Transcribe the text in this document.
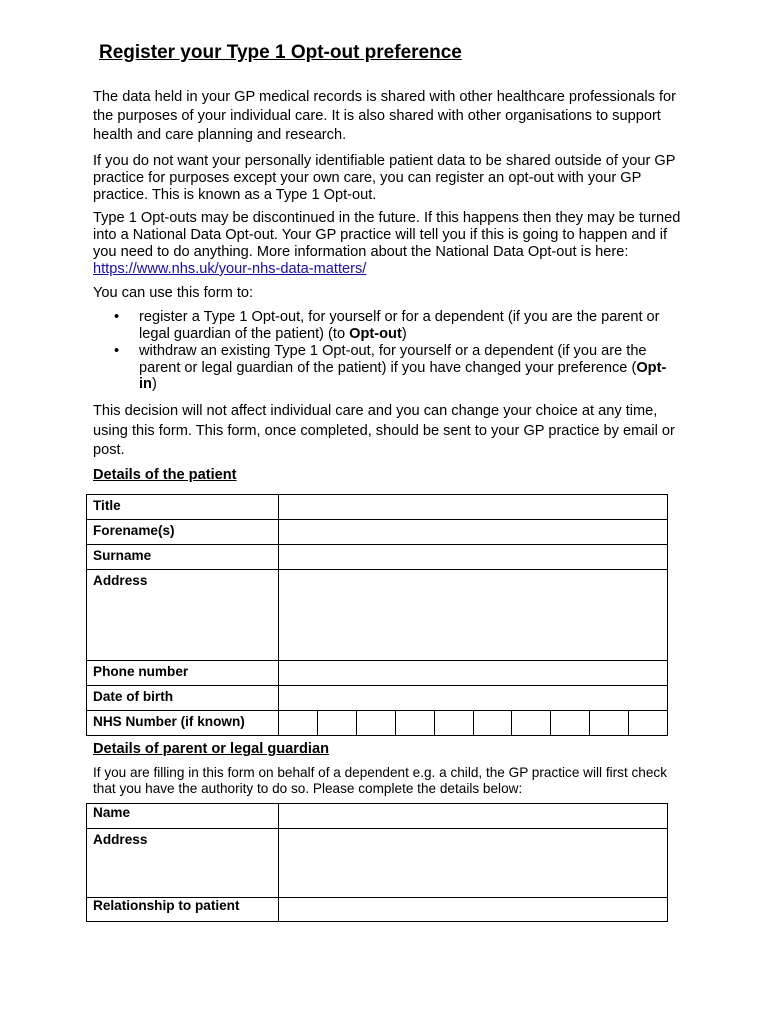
Register your Type 1 Opt-out preference

The data held in your GP medical records is shared with other healthcare professionals for the purposes of your individual care. It is also shared with other organisations to support health and care planning and research.

If you do not want your personally identifiable patient data to be shared outside of your GP practice for purposes except your own care, you can register an opt-out with your GP practice. This is known as a Type 1 Opt-out.

Type 1 Opt-outs may be discontinued in the future. If this happens then they may be turned into a National Data Opt-out. Your GP practice will tell you if this is going to happen and if you need to do anything. More information about the National Data Opt-out is here: https://www.nhs.uk/your-nhs-data-matters/

You can use this form to:

• register a Type 1 Opt-out, for yourself or for a dependent (if you are the parent or legal guardian of the patient) (to Opt-out)
• withdraw an existing Type 1 Opt-out, for yourself or a dependent (if you are the parent or legal guardian of the patient) if you have changed your preference (Opt-in)

This decision will not affect individual care and you can change your choice at any time, using this form. This form, once completed, should be sent to your GP practice by email or post.

Details of the patient
Title	
Forename(s)	
Surname	
Address	
Phone number	
Date of birth	
NHS Number (if known)	
Details of parent or legal guardian

If you are filling in this form on behalf of a dependent e.g. a child, the GP practice will first check that you have the authority to do so. Please complete the details below:

Name	
Address	
Relationship to patient	
